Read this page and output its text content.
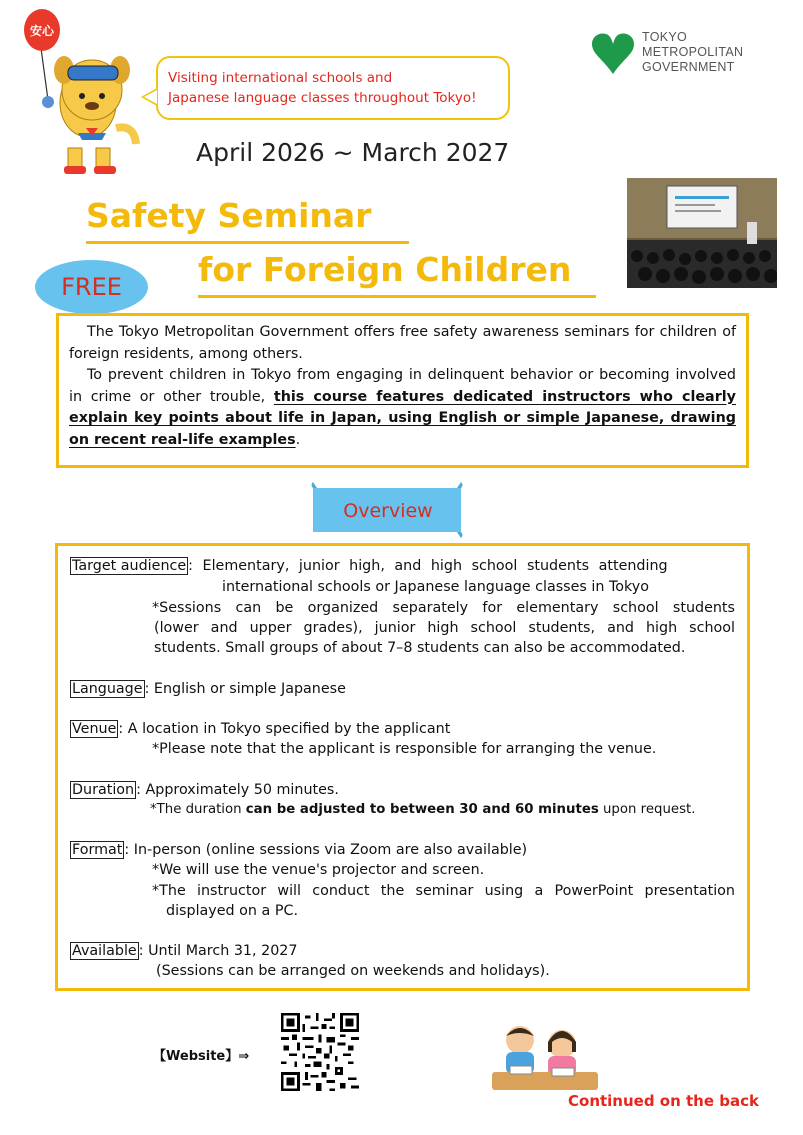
安心
Visiting international schools and
Japanese language classes throughout Tokyo!
TOKYO
METROPOLITAN
GOVERNMENT
April 2026 ~ March 2027
Safety Seminar
for Foreign Children
FREE

The Tokyo Metropolitan Government offers free safety awareness seminars for children of foreign residents, among others.

To prevent children in Tokyo from engaging in delinquent behavior or becoming involved in crime or other trouble, this course features dedicated instructors who clearly explain key points about life in Japan, using English or simple Japanese, drawing on recent real-life examples.

Overview
Target audience : Elementary, junior high, and high school students attending
international schools or Japanese language classes in Tokyo
*Sessions can be organized separately for elementary school students
(lower and upper grades), junior high school students, and high school
students. Small groups of about 7–8 students can also be accommodated.
Language : English or simple Japanese
Venue : A location in Tokyo specified by the applicant
*Please note that the applicant is responsible for arranging the venue.
Duration : Approximately 50 minutes.
*The duration can be adjusted to between 30 and 60 minutes upon request.
Format : In-person (online sessions via Zoom are also available)
*We will use the venue's projector and screen.
*The instructor will conduct the seminar using a PowerPoint presentation
displayed on a PC.
Available : Until March 31, 2027
(Sessions can be arranged on weekends and holidays).
【Website】⇒
Continued on the back
